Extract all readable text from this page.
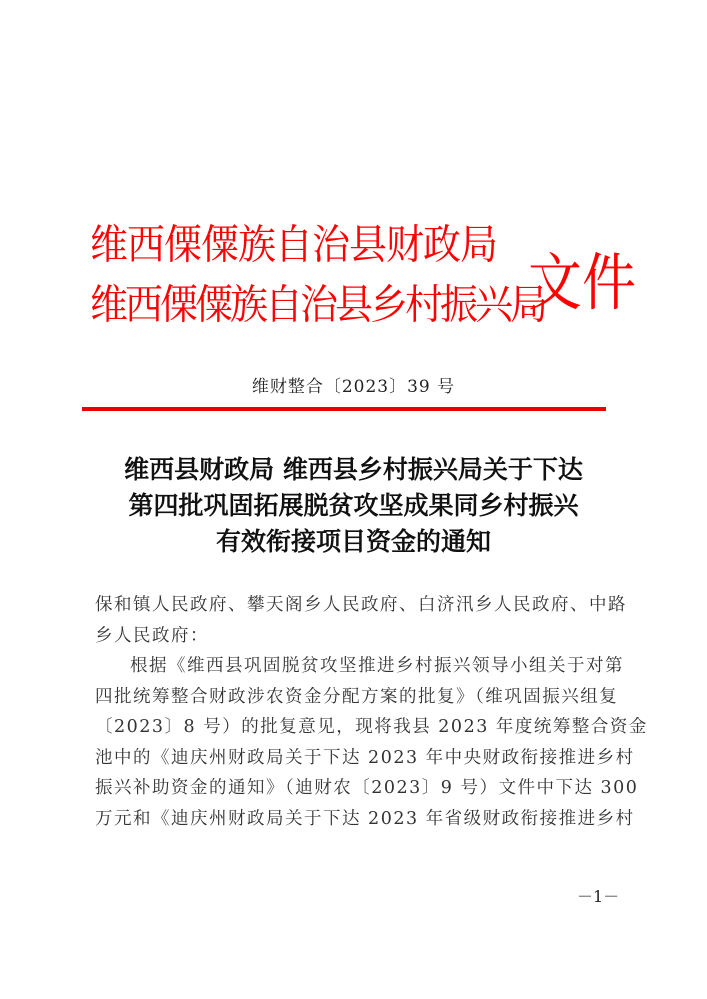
维西傈僳族自治县财政局
维西傈僳族自治县乡村振兴局
文件
维财整合〔2023〕39 号
维西县财政局 维西县乡村振兴局关于下达
第四批巩固拓展脱贫攻坚成果同乡村振兴
有效衔接项目资金的通知
保和镇人民政府、攀天阁乡人民政府、白济汛乡人民政府、中路
乡人民政府：
根据《维西县巩固脱贫攻坚推进乡村振兴领导小组关于对第
四批统筹整合财政涉农资金分配方案的批复》（维巩固振兴组复
〔2023〕8 号）的批复意见，现将我县 2023 年度统筹整合资金
池中的《迪庆州财政局关于下达 2023 年中央财政衔接推进乡村
振兴补助资金的通知》（迪财农〔2023〕9 号）文件中下达 300
万元和《迪庆州财政局关于下达 2023 年省级财政衔接推进乡村
－1－
